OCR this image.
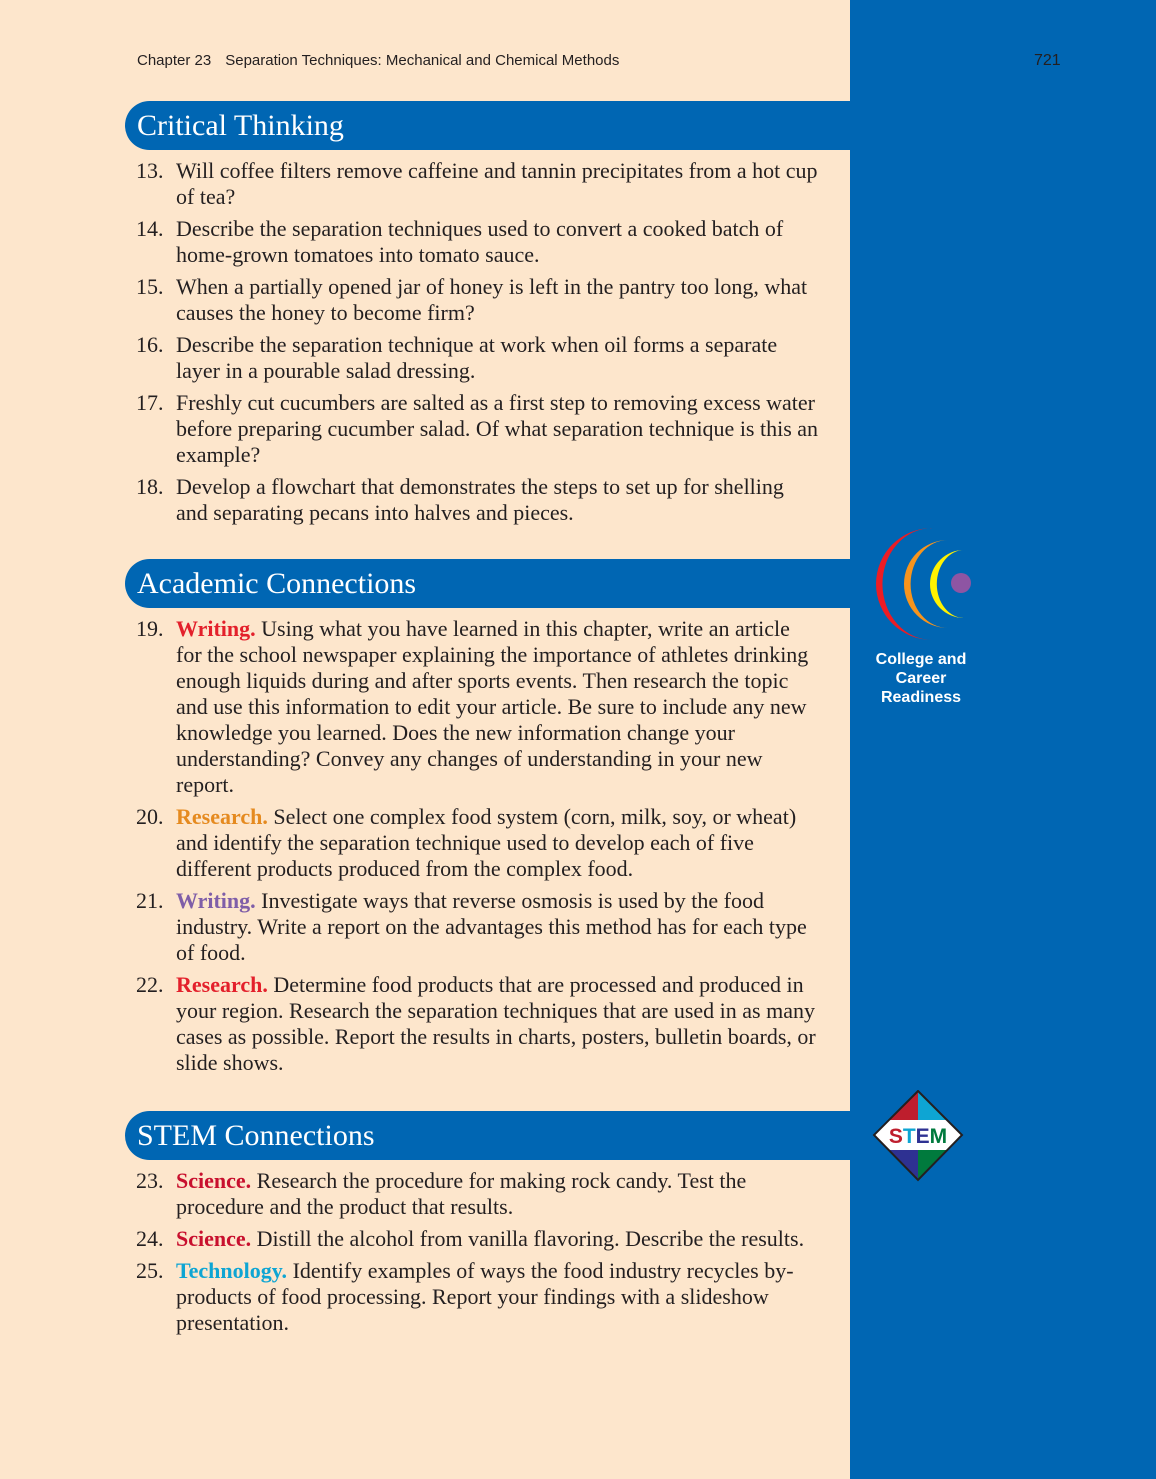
Chapter 23 Separation Techniques: Mechanical and Chemical Methods	721
Critical Thinking
13. Will coffee filters remove caffeine and tannin precipitates from a hot cup of tea?
14. Describe the separation techniques used to convert a cooked batch of home-grown tomatoes into tomato sauce.
15. When a partially opened jar of honey is left in the pantry too long, what causes the honey to become firm?
16. Describe the separation technique at work when oil forms a separate layer in a pourable salad dressing.
17. Freshly cut cucumbers are salted as a first step to removing excess water before preparing cucumber salad. Of what separation technique is this an example?
18. Develop a flowchart that demonstrates the steps to set up for shelling and separating pecans into halves and pieces.
Academic Connections
19. Writing. Using what you have learned in this chapter, write an article for the school newspaper explaining the importance of athletes drinking enough liquids during and after sports events. Then research the topic and use this information to edit your article. Be sure to include any new knowledge you learned. Does the new information change your understanding? Convey any changes of understanding in your new report.
20. Research. Select one complex food system (corn, milk, soy, or wheat) and identify the separation technique used to develop each of five different products produced from the complex food.
21. Writing. Investigate ways that reverse osmosis is used by the food industry. Write a report on the advantages this method has for each type of food.
22. Research. Determine food products that are processed and produced in your region. Research the separation techniques that are used in as many cases as possible. Report the results in charts, posters, bulletin boards, or slide shows.
STEM Connections
23. Science. Research the procedure for making rock candy. Test the procedure and the product that results.
24. Science. Distill the alcohol from vanilla flavoring. Describe the results.
25. Technology. Identify examples of ways the food industry recycles by-products of food processing. Report your findings with a slideshow presentation.
College and Career Readiness
STEM
